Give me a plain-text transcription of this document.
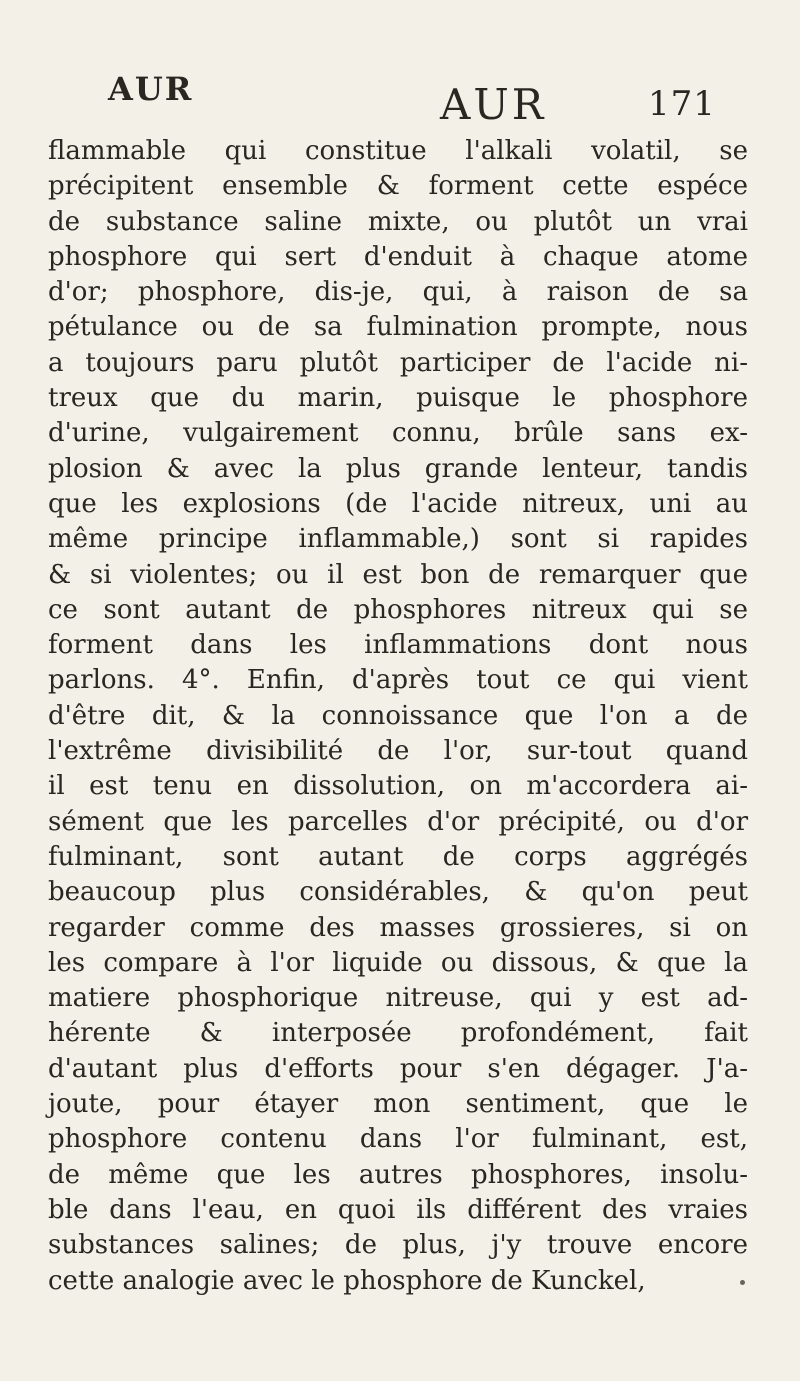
AUR	AUR	171
flammable qui constitue l'alkali volatil, se
précipitent ensemble & forment cette espéce
de substance saline mixte, ou plutôt un vrai
phosphore qui sert d'enduit à chaque atome
d'or; phosphore, dis-je, qui, à raison de sa
pétulance ou de sa fulmination prompte, nous
a toujours paru plutôt participer de l'acide ni-
treux que du marin, puisque le phosphore
d'urine, vulgairement connu, brûle sans ex-
plosion & avec la plus grande lenteur, tandis
que les explosions (de l'acide nitreux, uni au
même principe inflammable,) sont si rapides
& si violentes; ou il est bon de remarquer que
ce sont autant de phosphores nitreux qui se
forment dans les inflammations dont nous
parlons. 4°. Enfin, d'après tout ce qui vient
d'être dit, & la connoissance que l'on a de
l'extrême divisibilité de l'or, sur-tout quand
il est tenu en dissolution, on m'accordera ai-
sément que les parcelles d'or précipité, ou d'or
fulminant, sont autant de corps aggrégés
beaucoup plus considérables, & qu'on peut
regarder comme des masses grossieres, si on
les compare à l'or liquide ou dissous, & que la
matiere phosphorique nitreuse, qui y est ad-
hérente & interposée profondément, fait
d'autant plus d'efforts pour s'en dégager. J'a-
joute, pour étayer mon sentiment, que le
phosphore contenu dans l'or fulminant, est,
de même que les autres phosphores, insolu-
ble dans l'eau, en quoi ils différent des vraies
substances salines; de plus, j'y trouve encore
cette analogie avec le phosphore de Kunckel,
